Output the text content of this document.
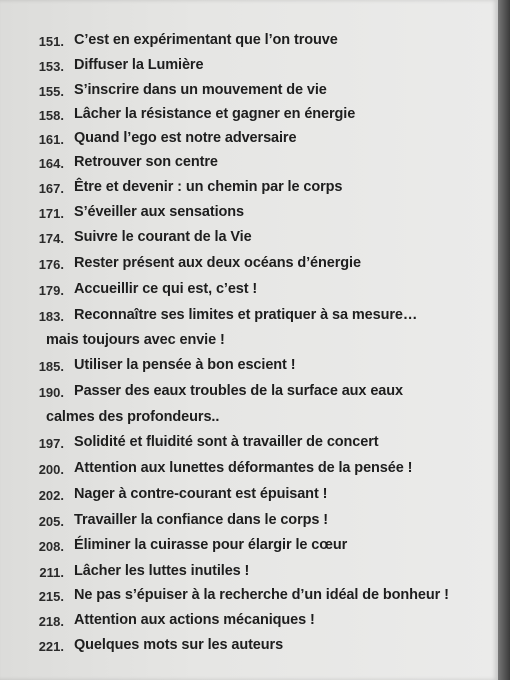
151. C’est en expérimentant que l’on trouve
153. Diffuser la Lumière
155. S’inscrire dans un mouvement de vie
158. Lâcher la résistance et gagner en énergie
161. Quand l’ego est notre adversaire
164. Retrouver son centre
167. Être et devenir : un chemin par le corps
171. S’éveiller aux sensations
174. Suivre le courant de la Vie
176. Rester présent aux deux océans d’énergie
179. Accueillir ce qui est, c’est !
183. Reconnaître ses limites et pratiquer à sa mesure…
mais toujours avec envie !
185. Utiliser la pensée à bon escient !
190. Passer des eaux troubles de la surface aux eaux
calmes des profondeurs..
197. Solidité et fluidité sont à travailler de concert
200. Attention aux lunettes déformantes de la pensée !
202. Nager à contre-courant est épuisant !
205. Travailler la confiance dans le corps !
208. Éliminer la cuirasse pour élargir le cœur
211. Lâcher les luttes inutiles !
215. Ne pas s’épuiser à la recherche d’un idéal de bonheur !
218. Attention aux actions mécaniques !
221. Quelques mots sur les auteurs
